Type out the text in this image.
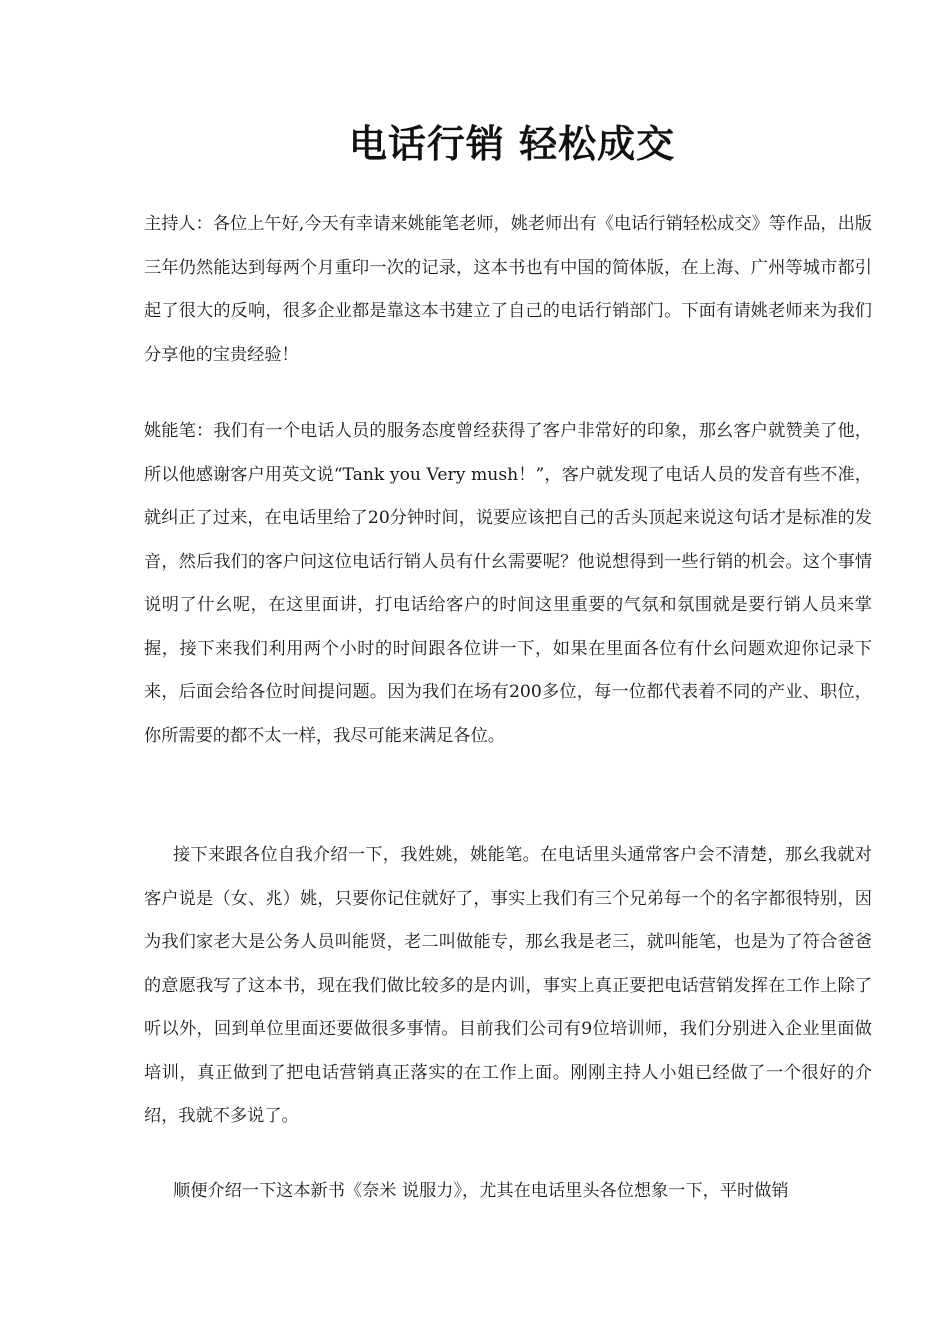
电话行销 轻松成交

主持人：各位上午好,今天有幸请来姚能笔老师，姚老师出有《电话行销轻松成交》等作品，出版三年仍然能达到每两个月重印一次的记录，这本书也有中国的简体版，在上海、广州等城市都引起了很大的反响，很多企业都是靠这本书建立了自己的电话行销部门。下面有请姚老师来为我们分享他的宝贵经验！

姚能笔：我们有一个电话人员的服务态度曾经获得了客户非常好的印象，那幺客户就赞美了他，所以他感谢客户用英文说“Tank you Very mush！”，客户就发现了电话人员的发音有些不准，就纠正了过来，在电话里给了20分钟时间，说要应该把自己的舌头顶起来说这句话才是标准的发音，然后我们的客户问这位电话行销人员有什幺需要呢？他说想得到一些行销的机会。这个事情说明了什幺呢，在这里面讲，打电话给客户的时间这里重要的气氛和氛围就是要行销人员来掌握，接下来我们利用两个小时的时间跟各位讲一下，如果在里面各位有什幺问题欢迎你记录下来，后面会给各位时间提问题。因为我们在场有200多位，每一位都代表着不同的产业、职位，你所需要的都不太一样，我尽可能来满足各位。

接下来跟各位自我介绍一下，我姓姚，姚能笔。在电话里头通常客户会不清楚，那幺我就对客户说是（女、兆）姚，只要你记住就好了，事实上我们有三个兄弟每一个的名字都很特别，因为我们家老大是公务人员叫能贤，老二叫做能专，那幺我是老三，就叫能笔，也是为了符合爸爸的意愿我写了这本书，现在我们做比较多的是内训，事实上真正要把电话营销发挥在工作上除了听以外，回到单位里面还要做很多事情。目前我们公司有9位培训师，我们分别进入企业里面做培训，真正做到了把电话营销真正落实的在工作上面。刚刚主持人小姐已经做了一个很好的介绍，我就不多说了。

顺便介绍一下这本新书《奈米 说服力》，尤其在电话里头各位想象一下，平时做销
